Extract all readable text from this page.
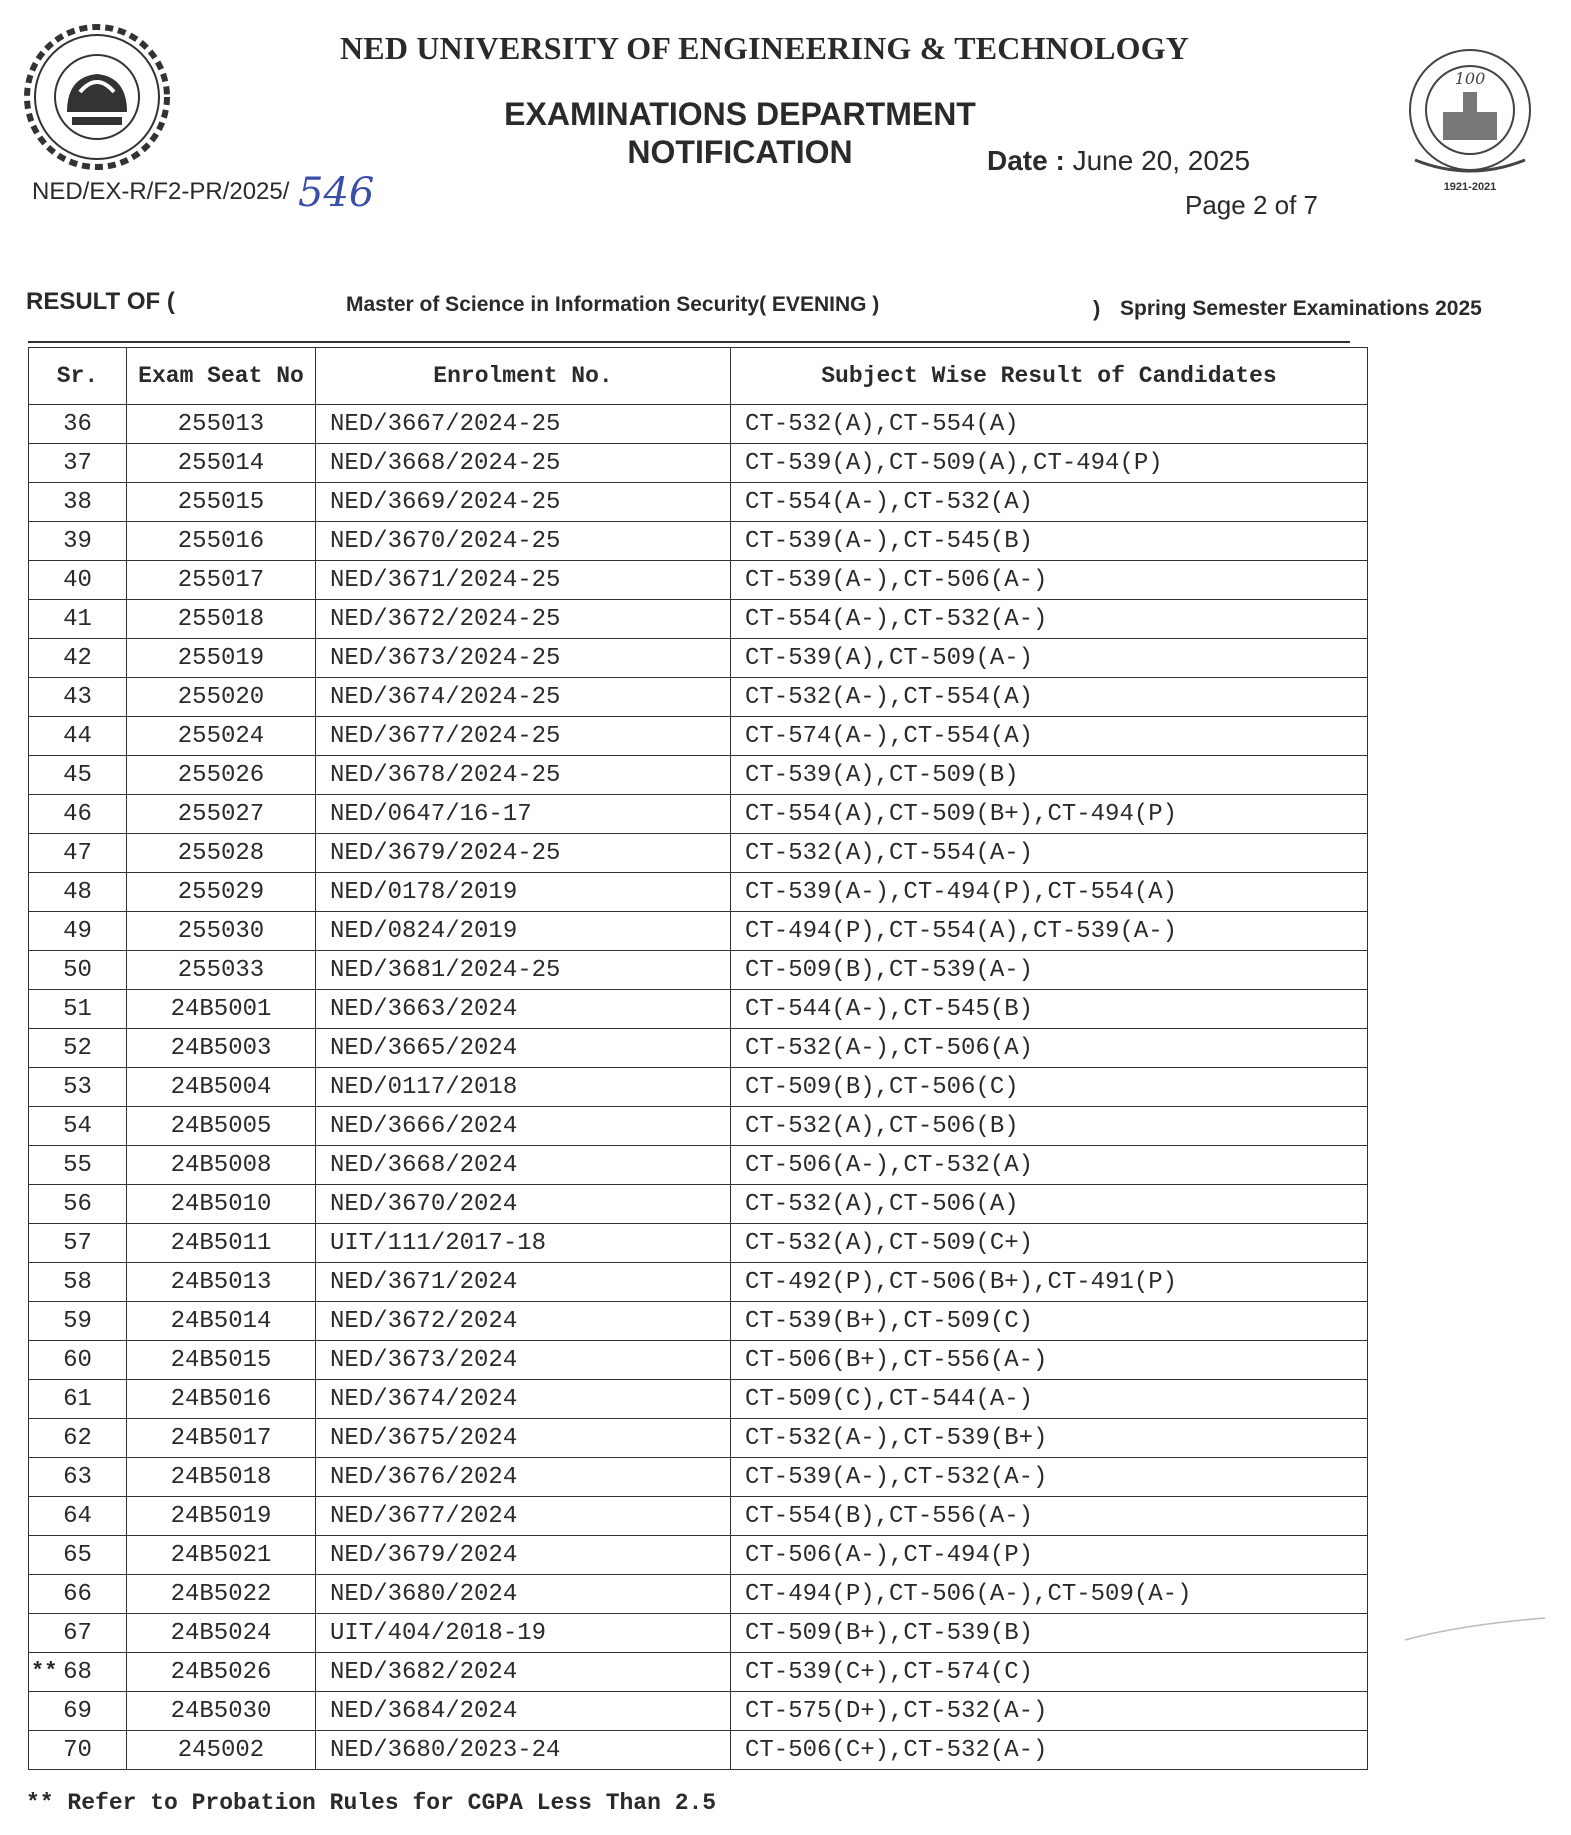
100
1921-2021
NED UNIVERSITY OF ENGINEERING & TECHNOLOGY
EXAMINATIONS DEPARTMENT
NOTIFICATION	Date : June 20, 2025
NED/EX-R/F2-PR/2025/ 546	Page 2 of 7
RESULT OF (	Master of Science in Information Security( EVENING )	) Spring Semester Examinations 2025
Sr.	Exam Seat No	Enrolment No.	Subject Wise Result of Candidates
36	255013	NED/3667/2024-25	CT-532(A),CT-554(A)
37	255014	NED/3668/2024-25	CT-539(A),CT-509(A),CT-494(P)
38	255015	NED/3669/2024-25	CT-554(A-),CT-532(A)
39	255016	NED/3670/2024-25	CT-539(A-),CT-545(B)
40	255017	NED/3671/2024-25	CT-539(A-),CT-506(A-)
41	255018	NED/3672/2024-25	CT-554(A-),CT-532(A-)
42	255019	NED/3673/2024-25	CT-539(A),CT-509(A-)
43	255020	NED/3674/2024-25	CT-532(A-),CT-554(A)
44	255024	NED/3677/2024-25	CT-574(A-),CT-554(A)
45	255026	NED/3678/2024-25	CT-539(A),CT-509(B)
46	255027	NED/0647/16-17	CT-554(A),CT-509(B+),CT-494(P)
47	255028	NED/3679/2024-25	CT-532(A),CT-554(A-)
48	255029	NED/0178/2019	CT-539(A-),CT-494(P),CT-554(A)
49	255030	NED/0824/2019	CT-494(P),CT-554(A),CT-539(A-)
50	255033	NED/3681/2024-25	CT-509(B),CT-539(A-)
51	24B5001	NED/3663/2024	CT-544(A-),CT-545(B)
52	24B5003	NED/3665/2024	CT-532(A-),CT-506(A)
53	24B5004	NED/0117/2018	CT-509(B),CT-506(C)
54	24B5005	NED/3666/2024	CT-532(A),CT-506(B)
55	24B5008	NED/3668/2024	CT-506(A-),CT-532(A)
56	24B5010	NED/3670/2024	CT-532(A),CT-506(A)
57	24B5011	UIT/111/2017-18	CT-532(A),CT-509(C+)
58	24B5013	NED/3671/2024	CT-492(P),CT-506(B+),CT-491(P)
59	24B5014	NED/3672/2024	CT-539(B+),CT-509(C)
60	24B5015	NED/3673/2024	CT-506(B+),CT-556(A-)
61	24B5016	NED/3674/2024	CT-509(C),CT-544(A-)
62	24B5017	NED/3675/2024	CT-532(A-),CT-539(B+)
63	24B5018	NED/3676/2024	CT-539(A-),CT-532(A-)
64	24B5019	NED/3677/2024	CT-554(B),CT-556(A-)
65	24B5021	NED/3679/2024	CT-506(A-),CT-494(P)
66	24B5022	NED/3680/2024	CT-494(P),CT-506(A-),CT-509(A-)
67	24B5024	UIT/404/2018-19	CT-509(B+),CT-539(B)

** 68	24B5026	NED/3682/2024	CT-539(C+),CT-574(C)
69	24B5030	NED/3684/2024	CT-575(D+),CT-532(A-)
70	245002	NED/3680/2023-24	CT-506(C+),CT-532(A-)
** Refer to Probation Rules for CGPA Less Than 2.5
